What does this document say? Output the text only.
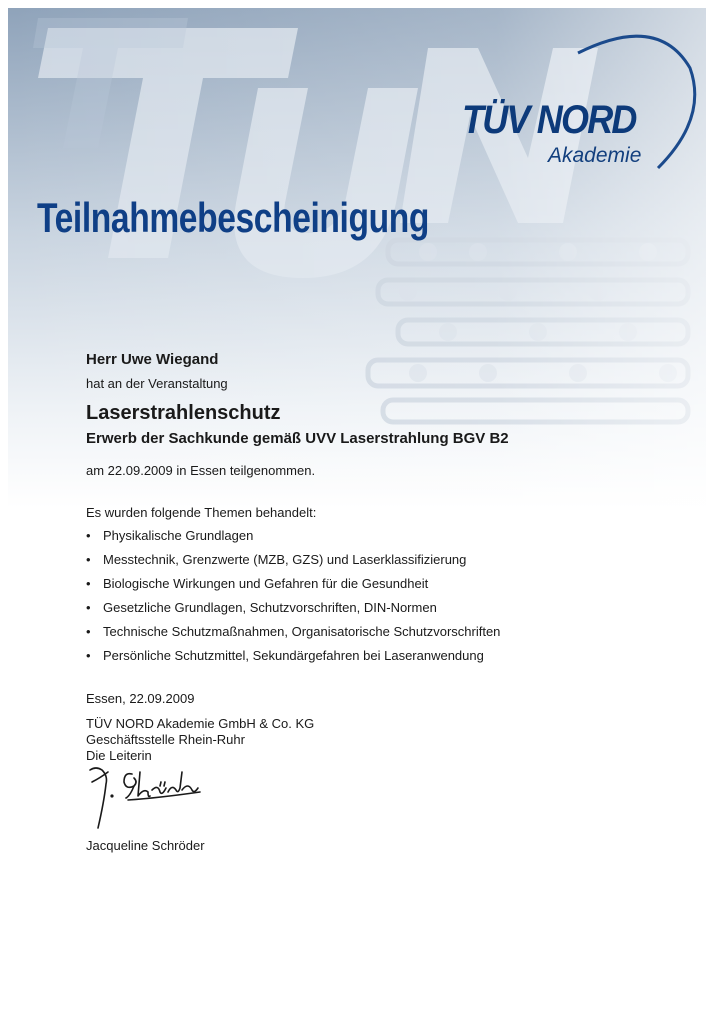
TÜV NORD
Akademie
Teilnahmebescheinigung
Herr Uwe Wiegand
hat an der Veranstaltung
Laserstrahlenschutz
Erwerb der Sachkunde gemäß UVV Laserstrahlung BGV B2
am 22.09.2009 in Essen teilgenommen.
Es wurden folgende Themen behandelt:
• Physikalische Grundlagen
• Messtechnik, Grenzwerte (MZB, GZS) und Laserklassifizierung
• Biologische Wirkungen und Gefahren für die Gesundheit
• Gesetzliche Grundlagen, Schutzvorschriften, DIN-Normen
• Technische Schutzmaßnahmen, Organisatorische Schutzvorschriften
• Persönliche Schutzmittel, Sekundärgefahren bei Laseranwendung
Essen, 22.09.2009
TÜV NORD Akademie GmbH & Co. KG
Geschäftsstelle Rhein-Ruhr
Die Leiterin
Jacqueline Schröder
